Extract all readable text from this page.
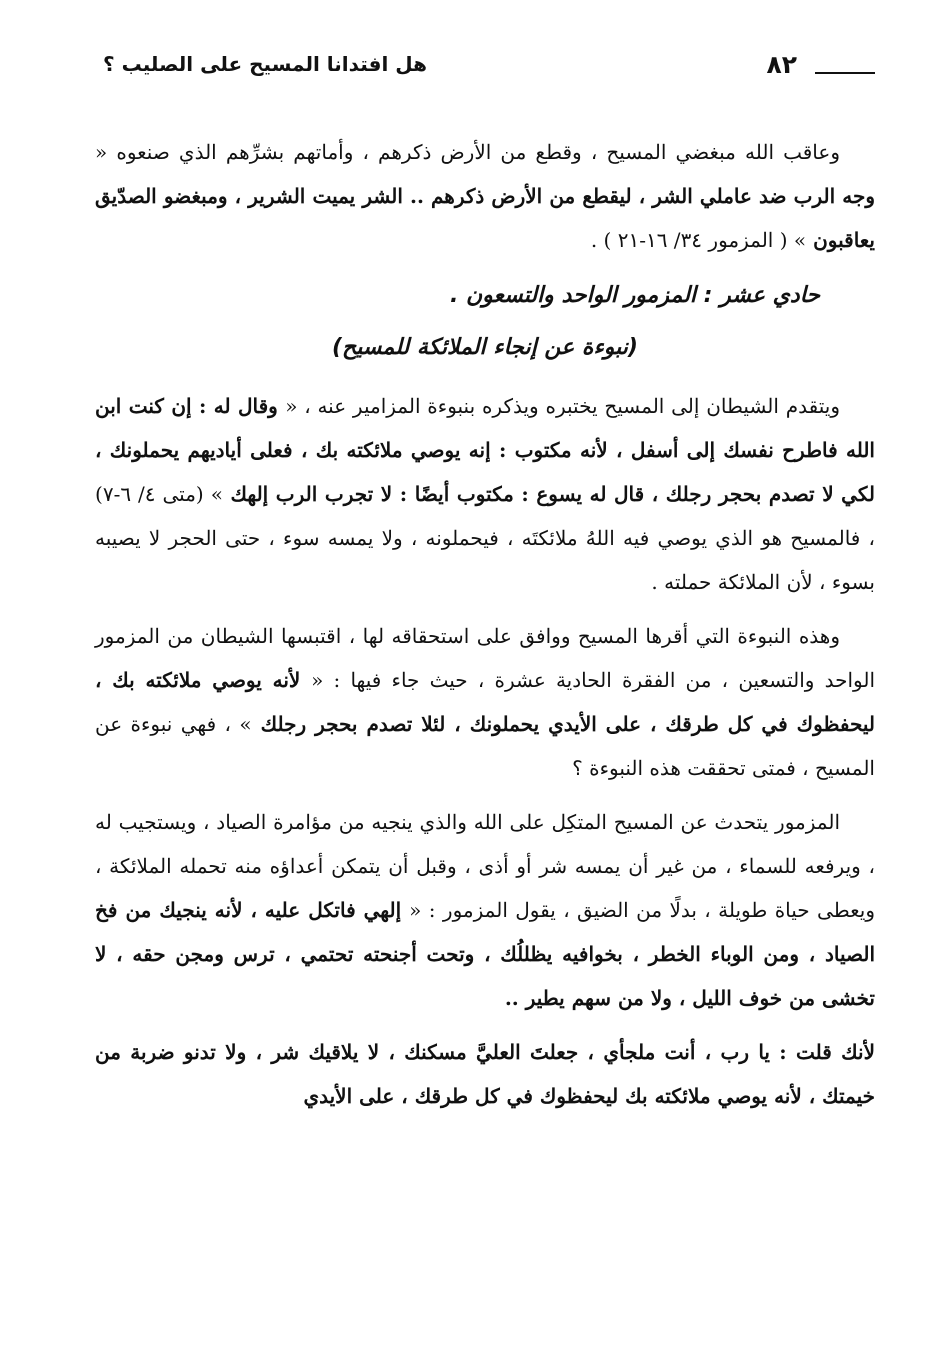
٨٢
هل افتدانا المسيح على الصليب ؟

وعاقب الله مبغضي المسيح ، وقطع من الأرض ذكرهم ، وأماتهم بشرِّهم الذي صنعوه « وجه الرب ضد عاملي الشر ، ليقطع من الأرض ذكرهم .. الشر يميت الشرير ، ومبغضو الصدّيق يعاقبون » ( المزمور ٣٤/ ١٦-٢١ ) .

حادي عشر : المزمور الواحد والتسعون .
(نبوءة عن إنجاء الملائكة للمسيح)

ويتقدم الشيطان إلى المسيح يختبره ويذكره بنبوءة المزامير عنه ، « وقال له : إن كنت ابن الله فاطرح نفسك إلى أسفل ، لأنه مكتوب : إنه يوصي ملائكته بك ، فعلى أياديهم يحملونك ، لكي لا تصدم بحجر رجلك ، قال له يسوع : مكتوب أيضًا : لا تجرب الرب إلهك » (متى ٤/ ٦-٧) ، فالمسيح هو الذي يوصي فيه اللهُ ملائكتَه ، فيحملونه ، ولا يمسه سوء ، حتى الحجر لا يصيبه بسوء ، لأن الملائكة حملته .

وهذه النبوءة التي أقرها المسيح ووافق على استحقاقه لها ، اقتبسها الشيطان من المزمور الواحد والتسعين ، من الفقرة الحادية عشرة ، حيث جاء فيها : « لأنه يوصي ملائكته بك ، ليحفظوك في كل طرقك ، على الأيدي يحملونك ، لئلا تصدم بحجر رجلك » ، فهي نبوءة عن المسيح ، فمتى تحققت هذه النبوءة ؟

المزمور يتحدث عن المسيح المتكِل على الله والذي ينجيه من مؤامرة الصياد ، ويستجيب له ، ويرفعه للسماء ، من غير أن يمسه شر أو أذى ، وقبل أن يتمكن أعداؤه منه تحمله الملائكة ، ويعطى حياة طويلة ، بدلًا من الضيق ، يقول المزمور : « إلهي فاتكل عليه ، لأنه ينجيك من فخ الصياد ، ومن الوباء الخطر ، بخوافيه يظللُك ، وتحت أجنحته تحتمي ، ترس ومجن حقه ، لا تخشى من خوف الليل ، ولا من سهم يطير ..

لأنك قلت : يا رب ، أنت ملجأي ، جعلتَ العليَّ مسكنك ، لا يلاقيك شر ، ولا تدنو ضربة من خيمتك ، لأنه يوصي ملائكته بك ليحفظوك في كل طرقك ، على الأيدي
